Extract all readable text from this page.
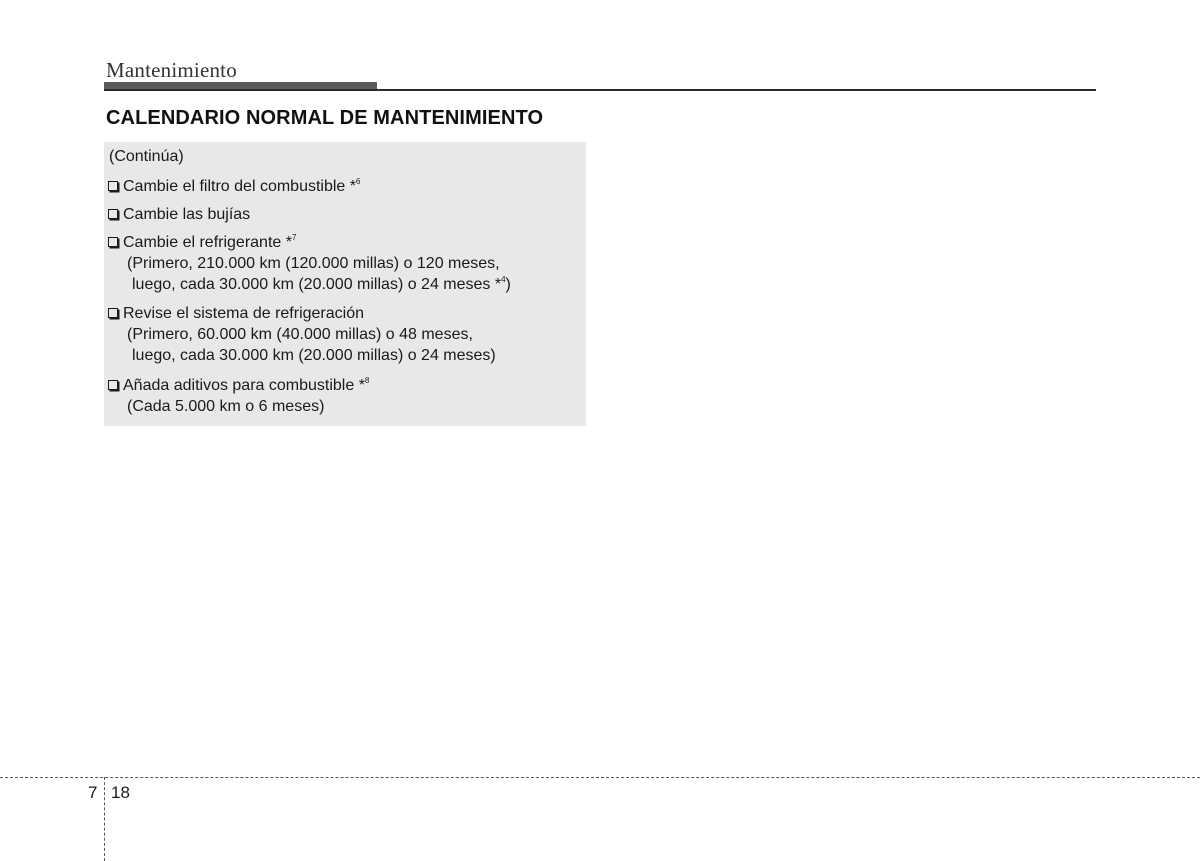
Mantenimiento
CALENDARIO NORMAL DE MANTENIMIENTO
(Continúa)
Cambie el filtro del combustible *$^6$
Cambie las bujías
Cambie el refrigerante *$^7$
(Primero, 210.000 km (120.000 millas) o 120 meses,
luego, cada 30.000 km (20.000 millas) o 24 meses *$^4$)
Revise el sistema de refrigeración
(Primero, 60.000 km (40.000 millas) o 48 meses,
luego, cada 30.000 km (20.000 millas) o 24 meses)
Añada aditivos para combustible *$^8$
(Cada 5.000 km o 6 meses)
7 18
